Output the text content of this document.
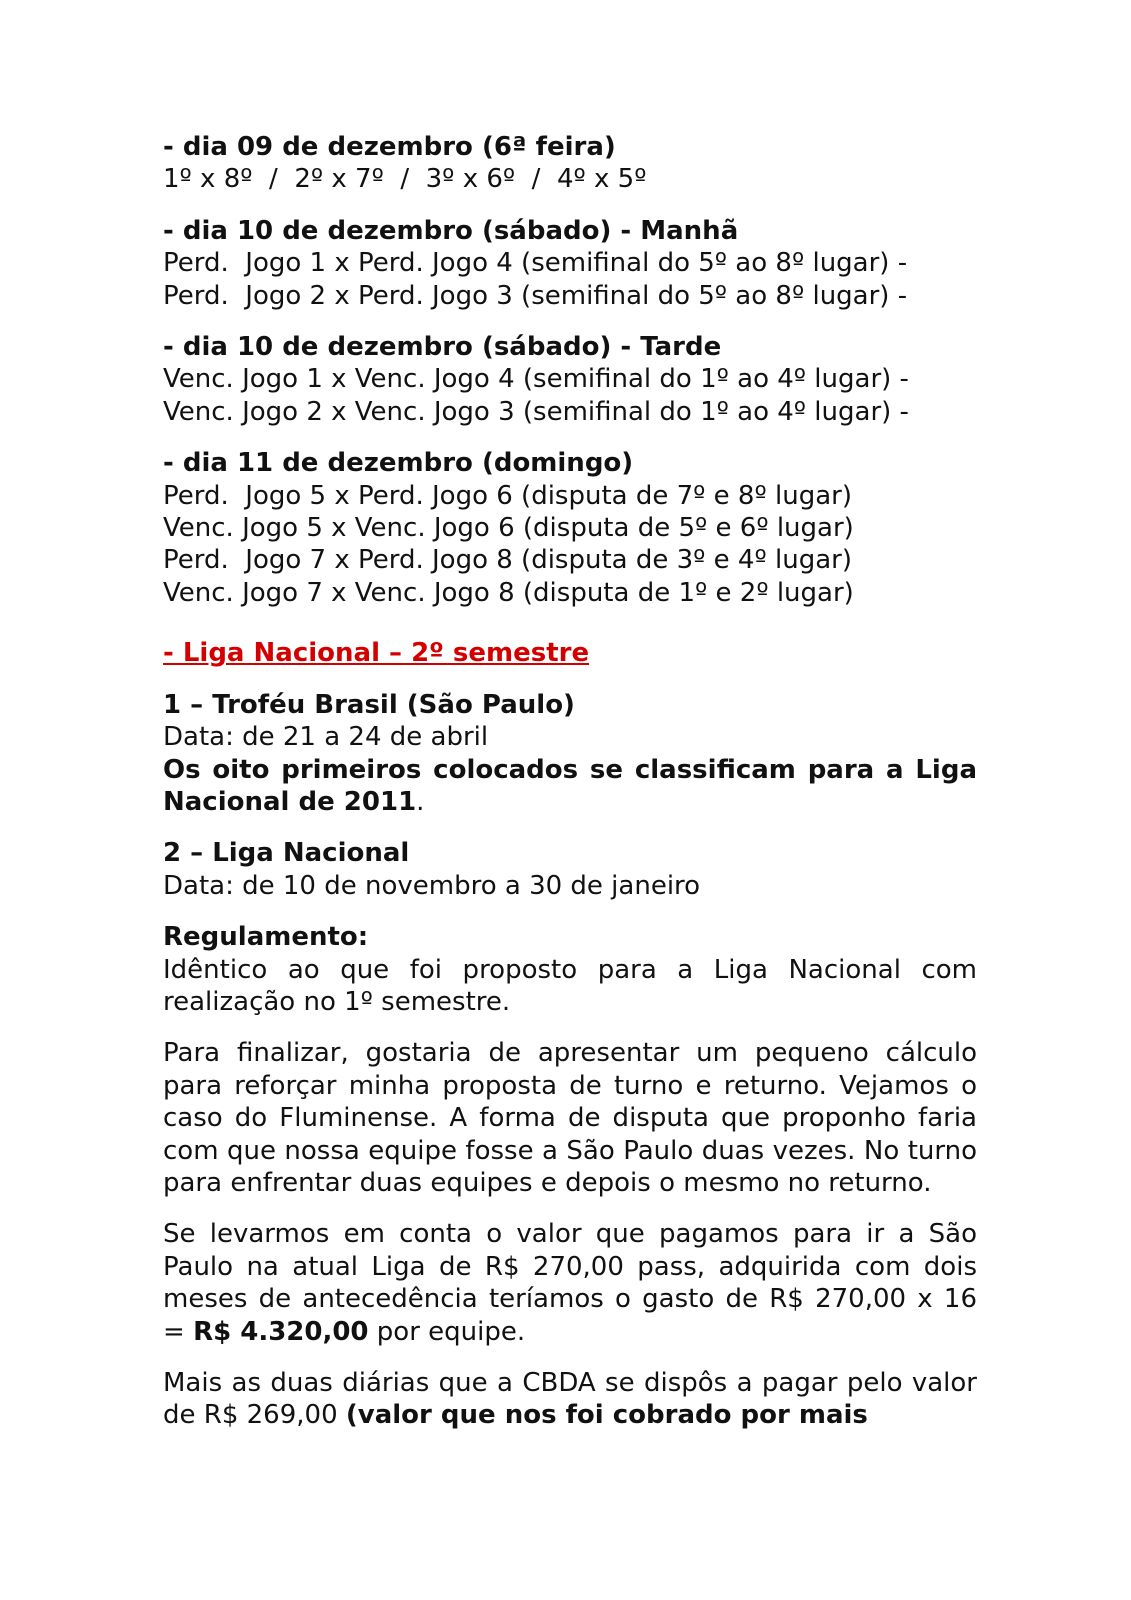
- dia 09 de dezembro (6ª feira)
1º x 8º  /  2º x 7º  /  3º x 6º  /  4º x 5º
- dia 10 de dezembro (sábado) - Manhã
Perd.  Jogo 1 x Perd. Jogo 4 (semifinal do 5º ao 8º lugar) -
Perd.  Jogo 2 x Perd. Jogo 3 (semifinal do 5º ao 8º lugar) -
- dia 10 de dezembro (sábado) - Tarde
Venc. Jogo 1 x Venc. Jogo 4 (semifinal do 1º ao 4º lugar) -
Venc. Jogo 2 x Venc. Jogo 3 (semifinal do 1º ao 4º lugar) -
- dia 11 de dezembro (domingo)
Perd.  Jogo 5 x Perd. Jogo 6 (disputa de 7º e 8º lugar)
Venc. Jogo 5 x Venc. Jogo 6 (disputa de 5º e 6º lugar)
Perd.  Jogo 7 x Perd. Jogo 8 (disputa de 3º e 4º lugar)
Venc. Jogo 7 x Venc. Jogo 8 (disputa de 1º e 2º lugar)
- Liga Nacional – 2º semestre
1 – Troféu Brasil (São Paulo)
Data: de 21 a 24 de abril
Os oito primeiros colocados se classificam para a Liga Nacional de 2011.
2 – Liga Nacional
Data: de 10 de novembro a 30 de janeiro
Regulamento:
Idêntico ao que foi proposto para a Liga Nacional com realização no 1º semestre.
Para finalizar, gostaria de apresentar um pequeno cálculo para reforçar minha proposta de turno e returno. Vejamos o caso do Fluminense. A forma de disputa que proponho faria com que nossa equipe fosse a São Paulo duas vezes. No turno para enfrentar duas equipes e depois o mesmo no returno.
Se levarmos em conta o valor que pagamos para ir a São Paulo na atual Liga de R$ 270,00 pass, adquirida com dois meses de antecedência teríamos o gasto de R$ 270,00 x 16 = R$ 4.320,00 por equipe.
Mais as duas diárias que a CBDA se dispôs a pagar pelo valor de R$ 269,00 (valor que nos foi cobrado por mais
